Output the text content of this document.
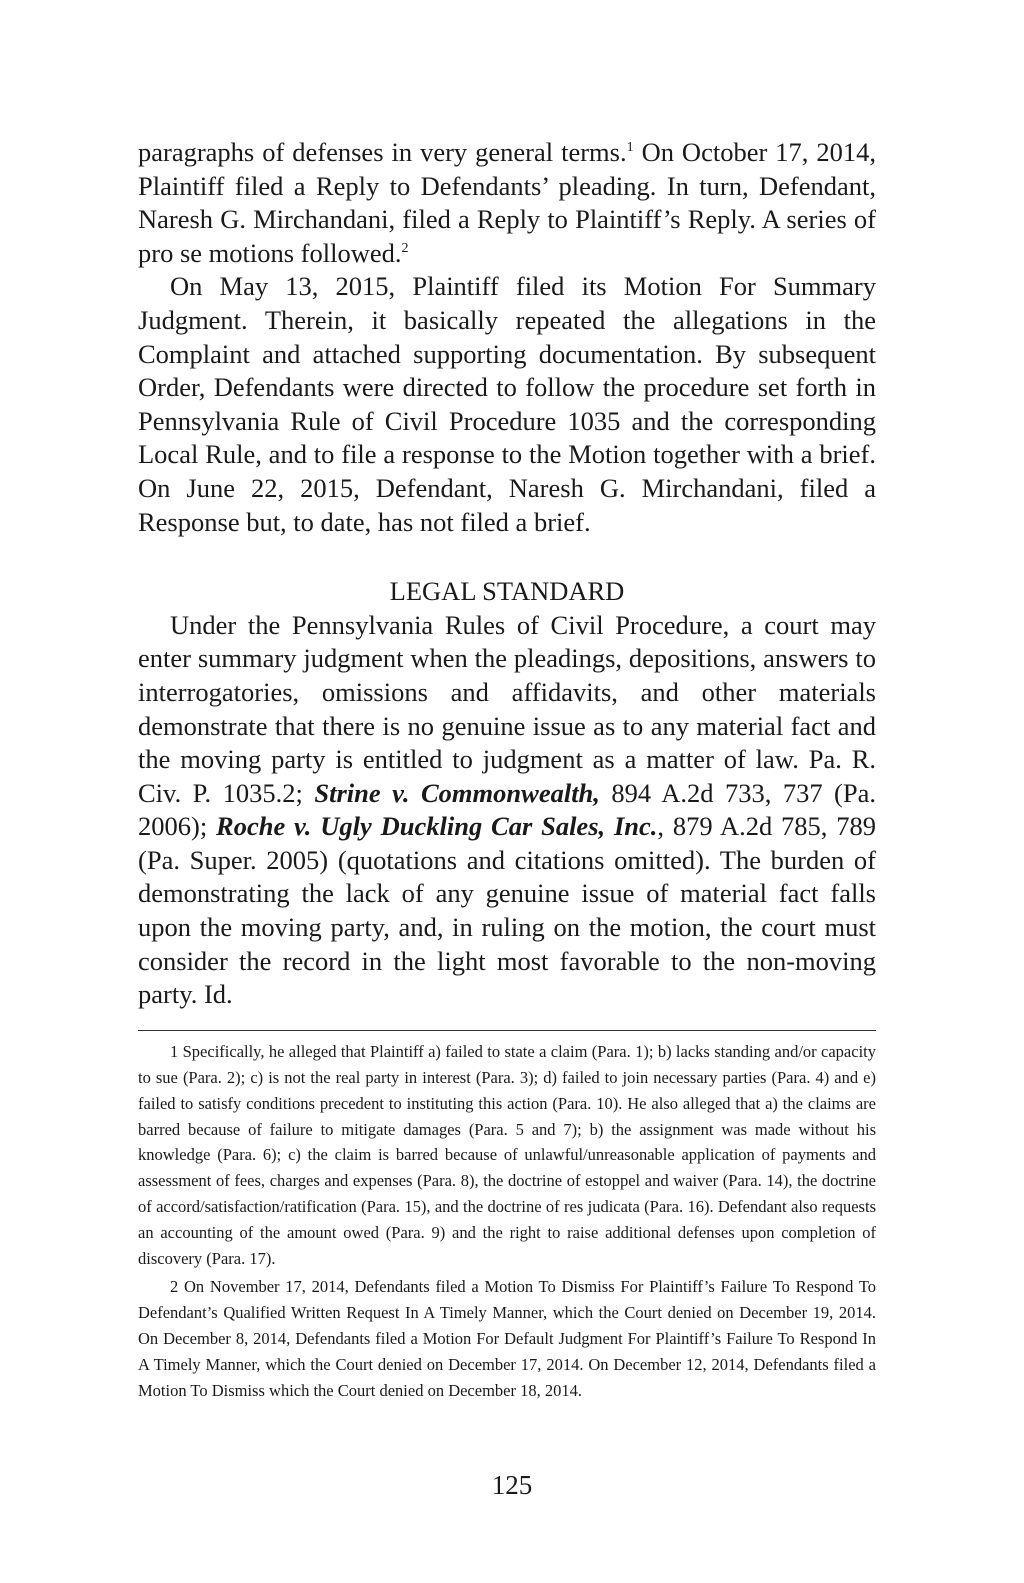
paragraphs of defenses in very general terms.$^1$ On October 17, 2014, Plaintiff filed a Reply to Defendants’ pleading. In turn, Defendant, Naresh G. Mirchandani, filed a Reply to Plaintiff’s Reply. A series of pro se motions followed.$^2$

On May 13, 2015, Plaintiff filed its Motion For Summary Judgment. Therein, it basically repeated the allegations in the Complaint and attached supporting documentation. By subsequent Order, Defendants were directed to follow the procedure set forth in Pennsylvania Rule of Civil Procedure 1035 and the corresponding Local Rule, and to file a response to the Motion together with a brief. On June 22, 2015, Defendant, Naresh G. Mirchandani, filed a Response but, to date, has not filed a brief.

LEGAL STANDARD

Under the Pennsylvania Rules of Civil Procedure, a court may enter summary judgment when the pleadings, depositions, answers to interrogatories, omissions and affidavits, and other materials demonstrate that there is no genuine issue as to any material fact and the moving party is entitled to judgment as a matter of law. Pa. R. Civ. P. 1035.2; Strine v. Commonwealth, 894 A.2d 733, 737 (Pa. 2006); Roche v. Ugly Duckling Car Sales, Inc., 879 A.2d 785, 789 (Pa. Super. 2005) (quotations and citations omitted). The burden of demonstrating the lack of any genuine issue of material fact falls upon the moving party, and, in ruling on the motion, the court must consider the record in the light most favorable to the non-moving party. Id.

1 Specifically, he alleged that Plaintiff a) failed to state a claim (Para. 1); b) lacks standing and/or capacity to sue (Para. 2); c) is not the real party in interest (Para. 3); d) failed to join necessary parties (Para. 4) and e) failed to satisfy conditions precedent to instituting this action (Para. 10). He also alleged that a) the claims are barred because of failure to mitigate damages (Para. 5 and 7); b) the assignment was made without his knowledge (Para. 6); c) the claim is barred because of unlawful/unreasonable application of payments and assessment of fees, charges and expenses (Para. 8), the doctrine of estoppel and waiver (Para. 14), the doctrine of accord/satisfaction/ratification (Para. 15), and the doctrine of res judicata (Para. 16). Defendant also requests an accounting of the amount owed (Para. 9) and the right to raise additional defenses upon completion of discovery (Para. 17).

2 On November 17, 2014, Defendants filed a Motion To Dismiss For Plaintiff’s Failure To Respond To Defendant’s Qualified Written Request In A Timely Manner, which the Court denied on December 19, 2014. On December 8, 2014, Defendants filed a Motion For Default Judgment For Plaintiff’s Failure To Respond In A Timely Manner, which the Court denied on December 17, 2014. On December 12, 2014, Defendants filed a Motion To Dismiss which the Court denied on December 18, 2014.

125
